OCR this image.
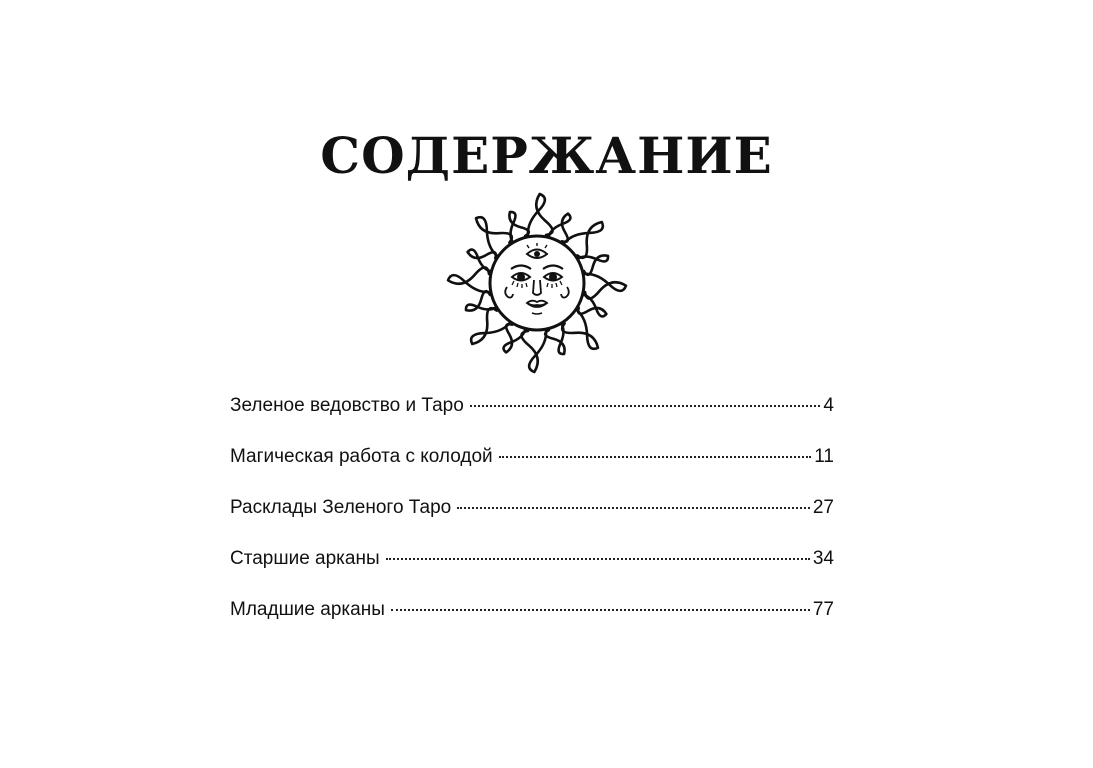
СОДЕРЖАНИЕ
Зеленое ведовство и Таро	4
Магическая работа с колодой	11
Расклады Зеленого Таро	27
Старшие арканы	34
Младшие арканы	77
